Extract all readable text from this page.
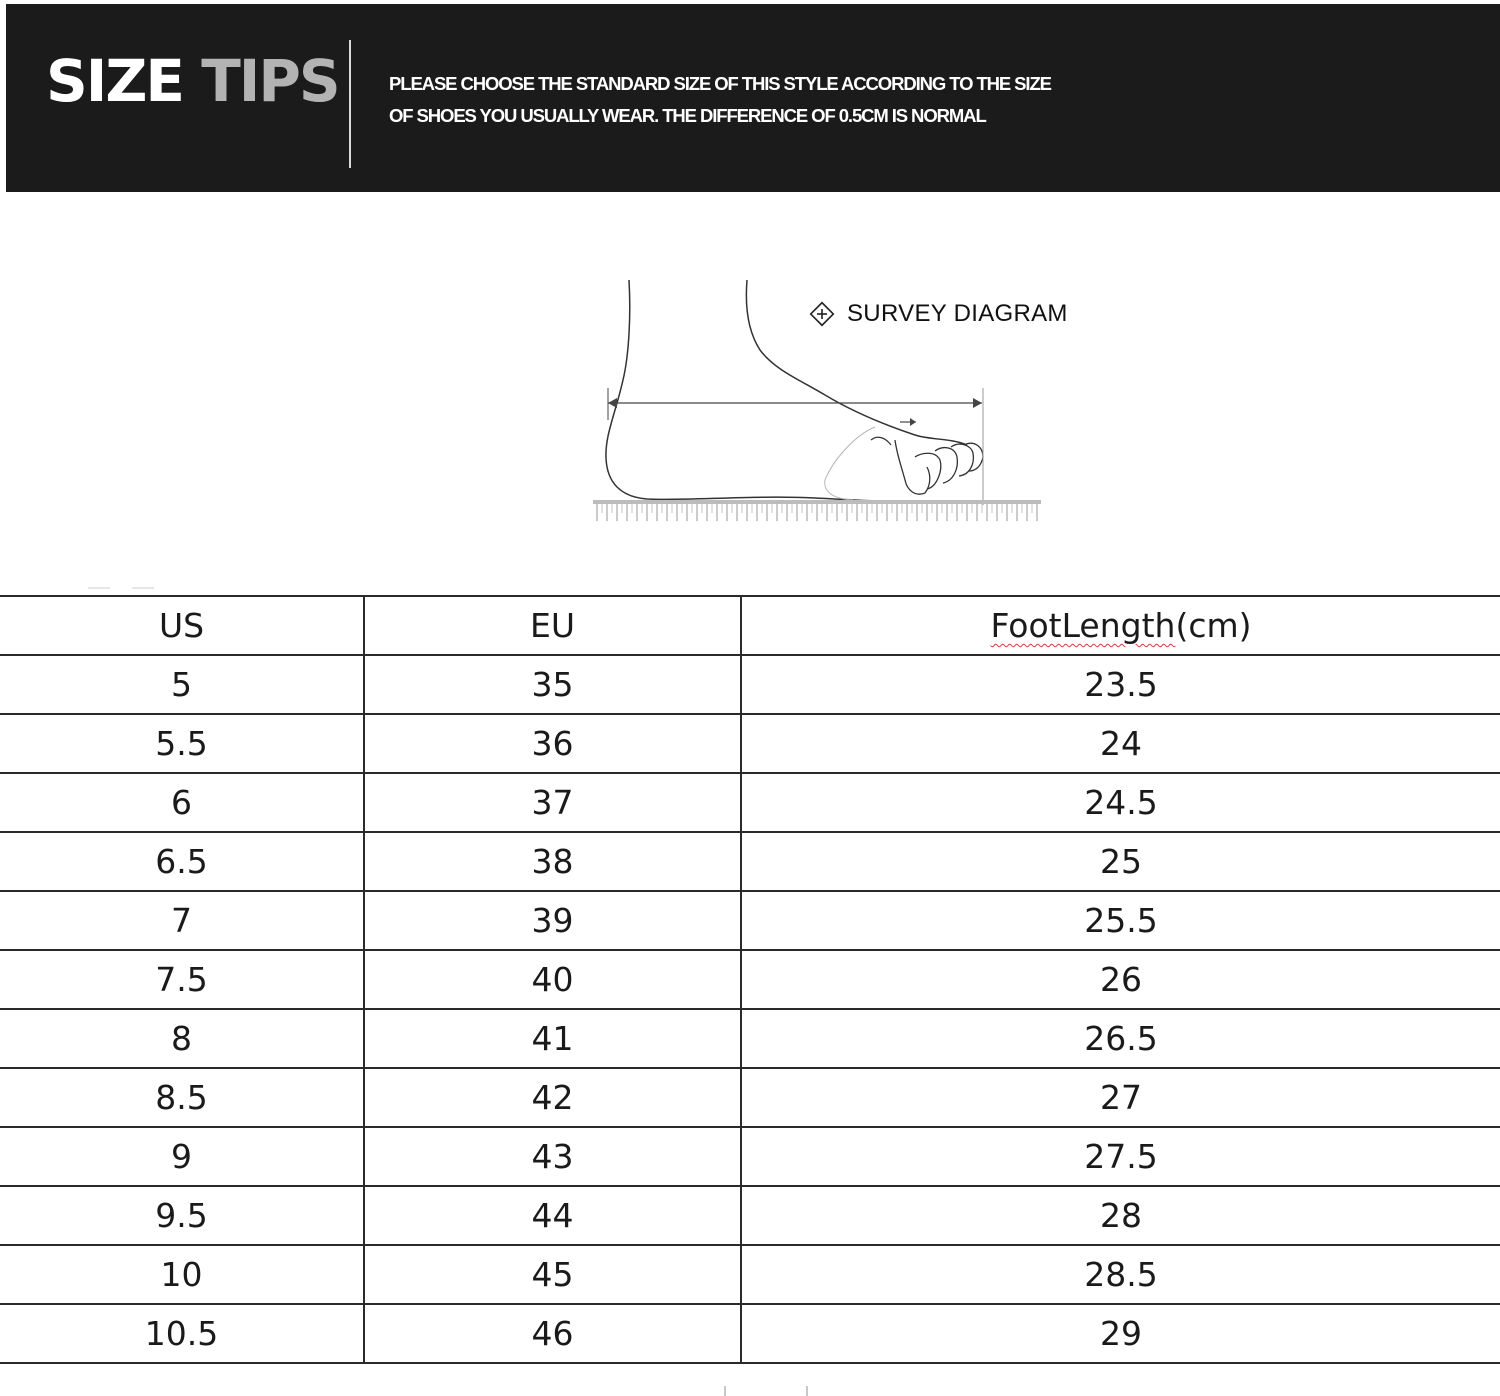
SIZE TIPS	PLEASE CHOOSE THE STANDARD SIZE OF THIS STYLE ACCORDING TO THE SIZE
OF SHOES YOU USUALLY WEAR. THE DIFFERENCE OF 0.5CM IS NORMAL
SURVEY DIAGRAM
US	EU	FootLength(cm)
5	35	23.5
5.5	36	24
6	37	24.5
6.5	38	25
7	39	25.5
7.5	40	26
8	41	26.5
8.5	42	27
9	43	27.5
9.5	44	28
10	45	28.5
10.5	46	29
